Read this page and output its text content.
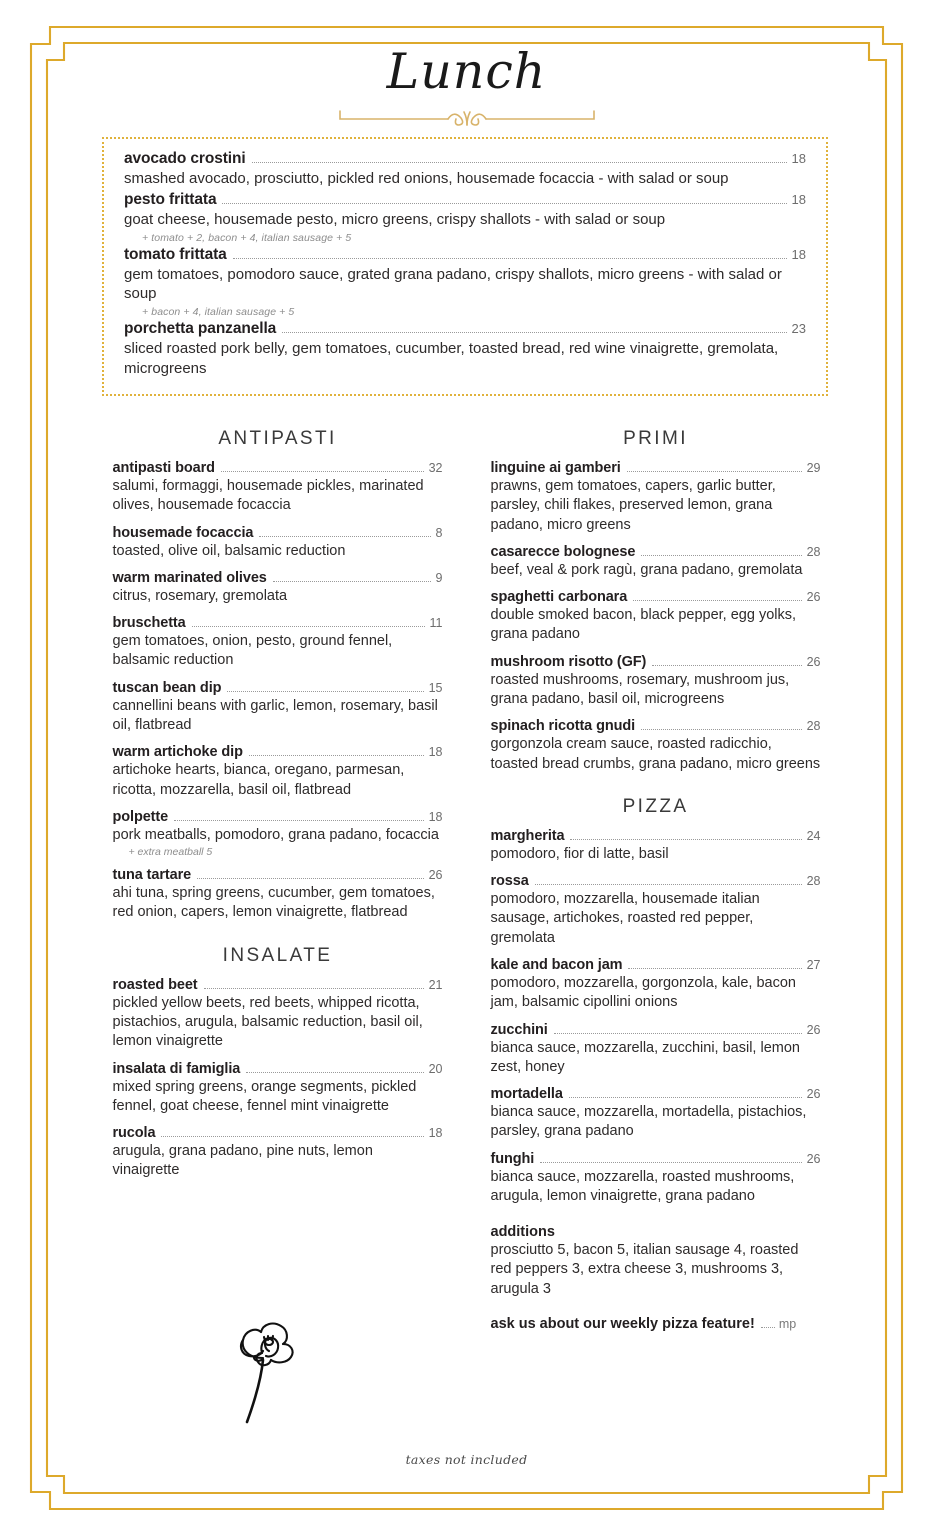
Lunch
avocado crostini	18
smashed avocado, prosciutto, pickled red onions, housemade focaccia - with salad or soup
pesto frittata	18
goat cheese, housemade pesto, micro greens, crispy shallots - with salad or soup
+ tomato + 2, bacon + 4, italian sausage + 5
tomato frittata	18
gem tomatoes, pomodoro sauce, grated grana padano, crispy shallots, micro greens - with salad or soup
+ bacon + 4, italian sausage + 5
porchetta panzanella	23
sliced roasted pork belly, gem tomatoes, cucumber, toasted bread, red wine vinaigrette, gremolata, microgreens
ANTIPASTI
antipasti board	32
salumi, formaggi, housemade pickles, marinated olives, housemade focaccia
housemade focaccia	8
toasted, olive oil, balsamic reduction
warm marinated olives	9
citrus, rosemary, gremolata
bruschetta	11
gem tomatoes, onion, pesto, ground fennel, balsamic reduction
tuscan bean dip	15
cannellini beans with garlic, lemon, rosemary, basil oil, flatbread
warm artichoke dip	18
artichoke hearts, bianca, oregano, parmesan, ricotta, mozzarella, basil oil, flatbread
polpette	18
pork meatballs, pomodoro, grana padano, focaccia
+ extra meatball 5
tuna tartare	26
ahi tuna, spring greens, cucumber, gem tomatoes, red onion, capers, lemon vinaigrette, flatbread
INSALATE
roasted beet	21
pickled yellow beets, red beets, whipped ricotta, pistachios, arugula, balsamic reduction, basil oil, lemon vinaigrette
insalata di famiglia	20
mixed spring greens, orange segments, pickled fennel, goat cheese, fennel mint vinaigrette
rucola	18
arugula, grana padano, pine nuts, lemon vinaigrette
PRIMI
linguine ai gamberi	29
prawns, gem tomatoes, capers, garlic butter, parsley, chili flakes, preserved lemon, grana padano, micro greens
casarecce bolognese	28
beef, veal & pork ragù, grana padano, gremolata
spaghetti carbonara	26
double smoked bacon, black pepper, egg yolks, grana padano
mushroom risotto (GF)	26
roasted mushrooms, rosemary, mushroom jus, grana padano, basil oil, microgreens
spinach ricotta gnudi	28
gorgonzola cream sauce, roasted radicchio, toasted bread crumbs, grana padano, micro greens
PIZZA
margherita	24
pomodoro, fior di latte, basil
rossa	28
pomodoro, mozzarella, housemade italian sausage, artichokes, roasted red pepper, gremolata
kale and bacon jam	27
pomodoro, mozzarella, gorgonzola, kale, bacon jam, balsamic cipollini onions
zucchini	26
bianca sauce, mozzarella, zucchini, basil, lemon zest, honey
mortadella	26
bianca sauce, mozzarella, mortadella, pistachios, parsley, grana padano
funghi	26
bianca sauce, mozzarella, roasted mushrooms, arugula, lemon vinaigrette, grana padano
additions
prosciutto 5, bacon 5, italian sausage 4, roasted red peppers 3, extra cheese 3, mushrooms 3, arugula 3
ask us about our weekly pizza feature! mp
taxes not included
